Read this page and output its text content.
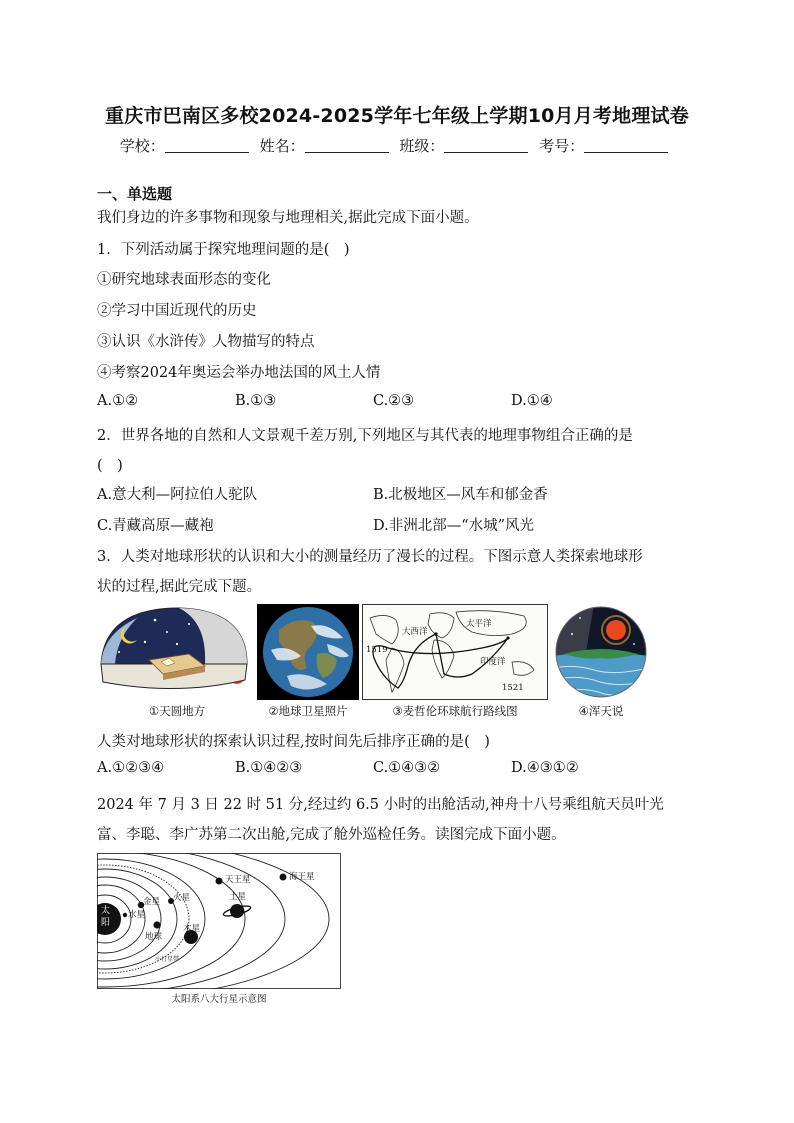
重庆市巴南区多校2024-2025学年七年级上学期10月月考地理试卷
学校：	姓名：	班级：	考号：
一、单选题
我们身边的许多事物和现象与地理相关,据此完成下面小题。
1．下列活动属于探究地理问题的是(　)
①研究地球表面形态的变化
②学习中国近现代的历史
③认识《水浒传》人物描写的特点
④考察2024年奥运会举办地法国的风土人情
A.①②	B.①③	C.②③	D.①④
2．世界各地的自然和人文景观千差万别,下列地区与其代表的地理事物组合正确的是
(　)
A.意大利—阿拉伯人驼队	B.北极地区—风车和郁金香
C.青藏高原—藏袍	D.非洲北部—“水城”风光
3．人类对地球形状的认识和大小的测量经历了漫长的过程。下图示意人类探索地球形
状的过程,据此完成下题。
①天圆地方	②地球卫星照片
太平洋
大西洋
印度洋
1519
1521
③麦哲伦环球航行路线图	④浑天说
人类对地球形状的探索认识过程,按时间先后排序正确的是(　)
A.①②③④	B.①④②③	C.①④③②	D.④③①②
2024 年 7 月 3 日 22 时 51 分,经过约 6.5 小时的出舱活动,神舟十八号乘组航天员叶光
富、李聪、李广苏第二次出舱,完成了舱外巡检任务。读图完成下面小题。
太阳
水星
金星
地球
火星
小行星带
木星
土星
天王星	海王星
太阳系八大行星示意图
